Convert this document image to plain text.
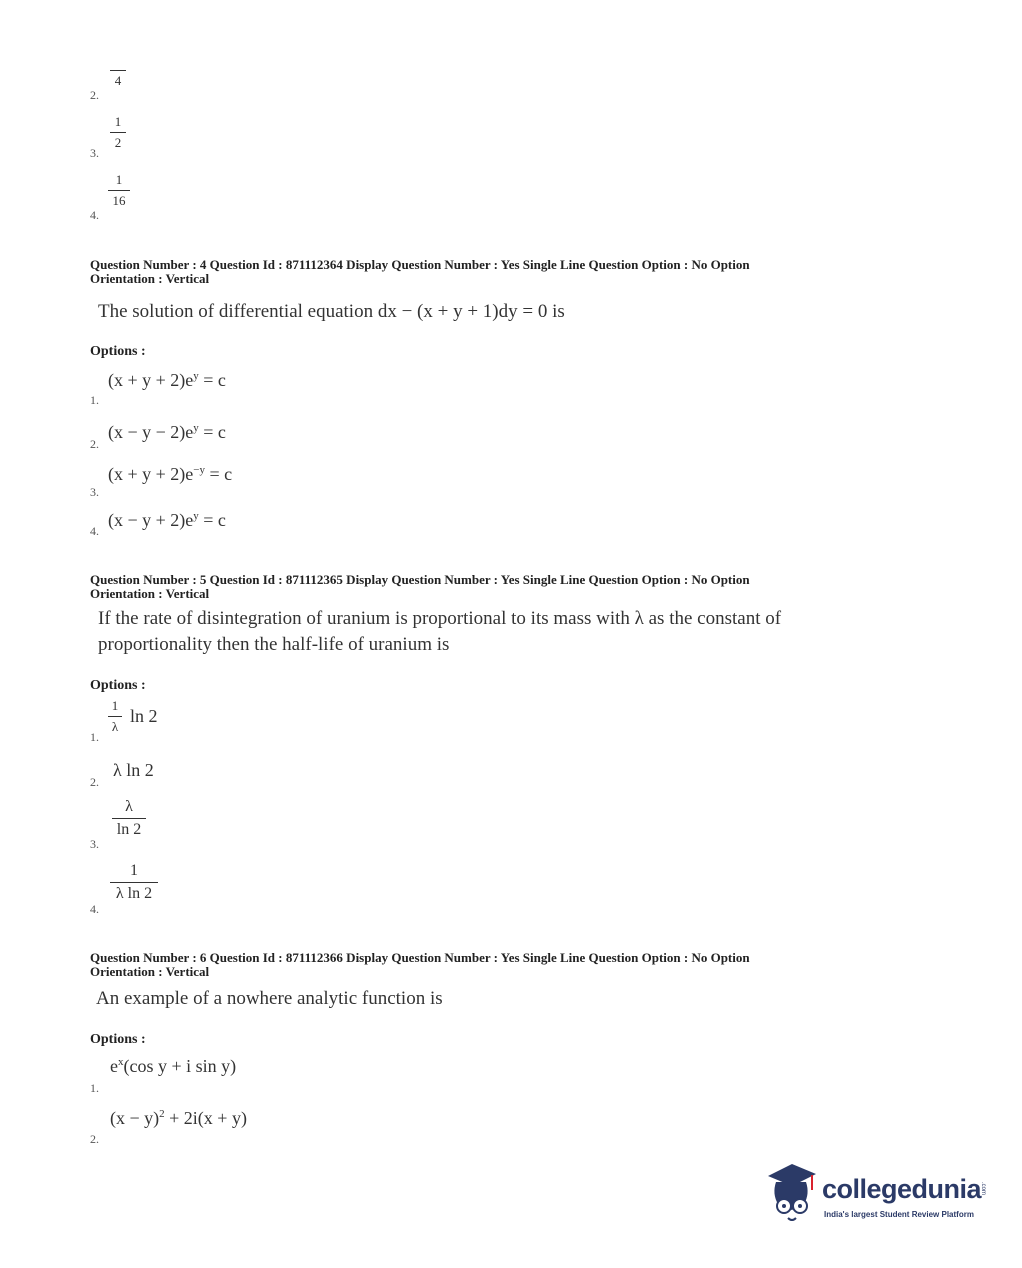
2.
4
3.
1
2
4.
1
16
Question Number : 4 Question Id : 871112364 Display Question Number : Yes Single Line Question Option : No Option
Orientation : Vertical
The solution of differential equation dx − (x + y + 1)dy = 0 is
Options :
$(x + y + 2)e^y = c$
1.
2.
$(x - y - 2)e^y = c$
$(x + y + 2)e^{-y} = c$
3.
4.
$(x - y + 2)e^y = c$
Question Number : 5 Question Id : 871112365 Display Question Number : Yes Single Line Question Option : No Option
Orientation : Vertical
If the rate of disintegration of uranium is proportional to its mass with λ as the constant of
proportionality then the half-life of uranium is
Options :
1
λ
ln 2
1.
2.
λ ln 2
λ
ln 2
3.
1
λ ln 2
4.
Question Number : 6 Question Id : 871112366 Display Question Number : Yes Single Line Question Option : No Option
Orientation : Vertical
An example of a nowhere analytic function is
Options :
$e^x(\cos$ y + i sin y)
1.
2.
$(x - y)^2 + 2i(x + y)$
collegedunia
.com
India's largest Student Review Platform
